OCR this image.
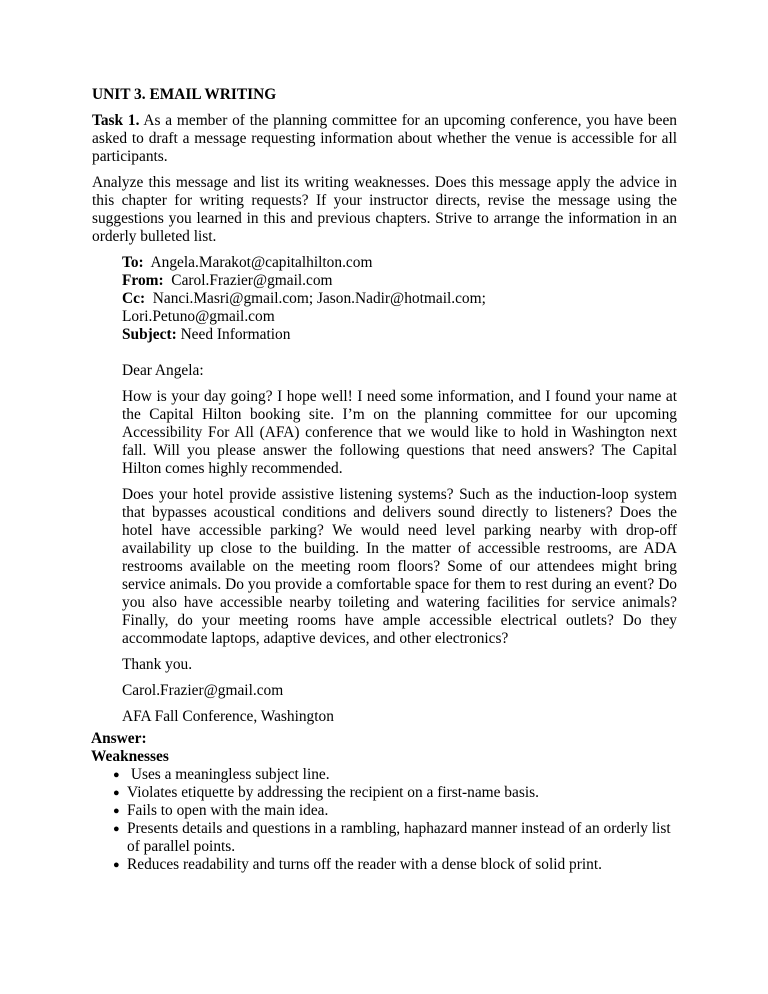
UNIT 3. EMAIL WRITING

Task 1. As a member of the planning committee for an upcoming conference, you have been asked to draft a message requesting information about whether the venue is accessible for all participants.

Analyze this message and list its writing weaknesses. Does this message apply the advice in this chapter for writing requests? If your instructor directs, revise the message using the suggestions you learned in this and previous chapters. Strive to arrange the information in an orderly bulleted list.

To:  Angela.Marakot@capitalhilton.com
From:  Carol.Frazier@gmail.com
Cc:  Nanci.Masri@gmail.com; Jason.Nadir@hotmail.com;
Lori.Petuno@gmail.com
Subject: Need Information

Dear Angela:

How is your day going? I hope well! I need some information, and I found your name at the Capital Hilton booking site. I’m on the planning committee for our upcoming Accessibility For All (AFA) conference that we would like to hold in Washington next fall. Will you please answer the following questions that need answers? The Capital Hilton comes highly recommended.

Does your hotel provide assistive listening systems? Such as the induction-loop system that bypasses acoustical conditions and delivers sound directly to listeners? Does the hotel have accessible parking? We would need level parking nearby with drop-off availability up close to the building. In the matter of accessible restrooms, are ADA restrooms available on the meeting room floors? Some of our attendees might bring service animals. Do you provide a comfortable space for them to rest during an event? Do you also have accessible nearby toileting and watering facilities for service animals? Finally, do your meeting rooms have ample accessible electrical outlets? Do they accommodate laptops, adaptive devices, and other electronics?

Thank you.

Carol.Frazier@gmail.com

AFA Fall Conference, Washington

Answer:

Weaknesses

● Uses a meaningless subject line.
● Violates etiquette by addressing the recipient on a first-name basis.
● Fails to open with the main idea.
● Presents details and questions in a rambling, haphazard manner instead of an orderly list of parallel points.
● Reduces readability and turns off the reader with a dense block of solid print.
